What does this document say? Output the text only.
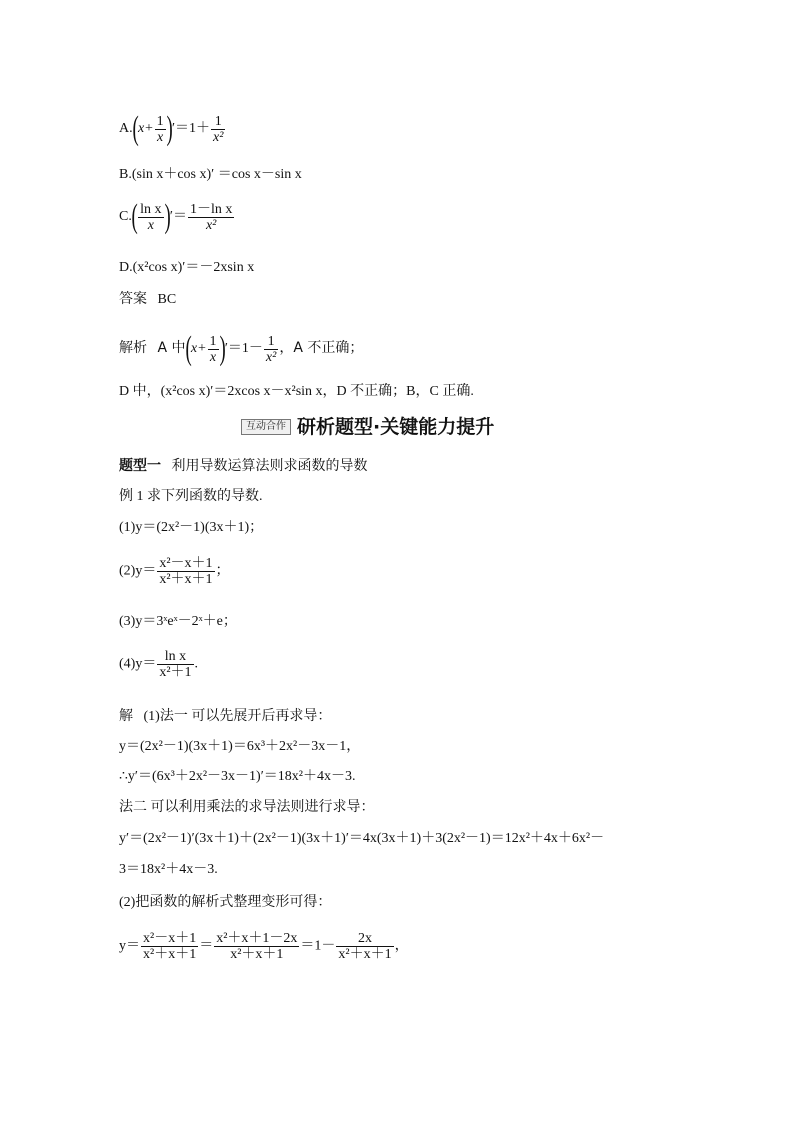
$A.(x+ \frac{1}{x} )'=1+ \frac{1}{\text{x²}}$
B.(sin x＋cos x)′ ＝cos x－sin x
$C.( \frac{\text{ln x}}{x}$ )′＝ $\frac{\text{1－ln x}}{\text{x²}}$
D.(x²cos x)′＝－2xsin x
答案 BC
解析 A 中$(x+ \frac{1}{x} )'=1- \frac{1}{\text{x²}}$ ，A 不正确；
D 中，(x²cos x)′＝2xcos x－x²sin x，D 不正确；B，C 正确.
互动合作 研析题型·关键能力提升
题型一 利用导数运算法则求函数的导数
例 1 求下列函数的导数.
(1)y＝(2x²－1)(3x＋1)；
$(2)y= \frac{\text{x²－x＋1}}{\text{x²＋x＋1}}$ ；
(3)y＝3ˣeˣ－2ˣ＋e；
$(4)y= \frac{\text{ln x}}{\text{x²＋1}}$ .
解 (1)法一 可以先展开后再求导：
y＝(2x²－1)(3x＋1)＝6x³＋2x²－3x－1，
∴y′＝(6x³＋2x²－3x－1)′＝18x²＋4x－3.
法二 可以利用乘法的求导法则进行求导：
y′＝(2x²－1)′(3x＋1)＋(2x²－1)(3x＋1)′＝4x(3x＋1)＋3(2x²－1)＝12x²＋4x＋6x²－
3＝18x²＋4x－3.
(2)把函数的解析式整理变形可得：
$y= \frac{\text{x²－x＋1}}{\text{x²＋x＋1}} = \frac{\text{x²＋x＋1－2x}}{\text{x²＋x＋1}} =1- \frac{2x}{\text{x²＋x＋1}}$ ，
